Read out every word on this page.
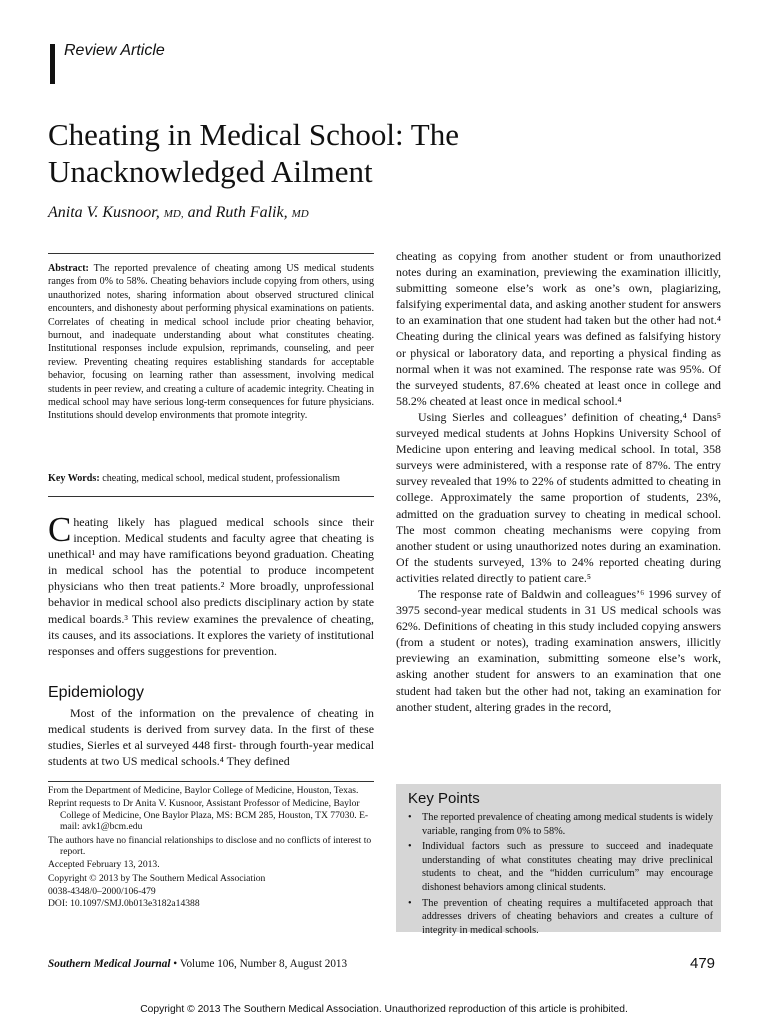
Review Article
Cheating in Medical School: The Unacknowledged Ailment
Anita V. Kusnoor, MD, and Ruth Falik, MD
Abstract: The reported prevalence of cheating among US medical students ranges from 0% to 58%. Cheating behaviors include copying from others, using unauthorized notes, sharing information about observed structured clinical encounters, and dishonesty about performing physical examinations on patients. Correlates of cheating in medical school include prior cheating behavior, burnout, and inadequate understanding about what constitutes cheating. Institutional responses include expulsion, reprimands, counseling, and peer review. Preventing cheating requires establishing standards for acceptable behavior, focusing on learning rather than assessment, involving medical students in peer review, and creating a culture of academic integrity. Cheating in medical school may have serious long-term consequences for future physicians. Institutions should develop environments that promote integrity.
Key Words: cheating, medical school, medical student, professionalism
Cheating likely has plagued medical schools since their inception. Medical students and faculty agree that cheating is unethical¹ and may have ramifications beyond graduation. Cheating in medical school has the potential to produce incompetent physicians who then treat patients.² More broadly, unprofessional behavior in medical school also predicts disciplinary action by state medical boards.³ This review examines the prevalence of cheating, its causes, and its associations. It explores the variety of institutional responses and offers suggestions for prevention.
Epidemiology
Most of the information on the prevalence of cheating in medical students is derived from survey data. In the first of these studies, Sierles et al surveyed 448 first- through fourth-year medical students at two US medical schools.⁴ They defined

cheating as copying from another student or from unauthorized notes during an examination, previewing the examination illicitly, submitting someone else’s work as one’s own, plagiarizing, falsifying experimental data, and asking another student for answers to an examination that one student had taken but the other had not.⁴ Cheating during the clinical years was defined as falsifying history or physical or laboratory data, and reporting a physical finding as normal when it was not examined. The response rate was 95%. Of the surveyed students, 87.6% cheated at least once in college and 58.2% cheated at least once in medical school.⁴

Using Sierles and colleagues’ definition of cheating,⁴ Dans⁵ surveyed medical students at Johns Hopkins University School of Medicine upon entering and leaving medical school. In total, 358 surveys were administered, with a response rate of 87%. The entry survey revealed that 19% to 22% of students admitted to cheating in college. Approximately the same proportion of students, 23%, admitted on the graduation survey to cheating in medical school. The most common cheating mechanisms were copying from another student or using unauthorized notes during an examination. Of the students surveyed, 13% to 24% reported cheating during activities related directly to patient care.⁵

The response rate of Baldwin and colleagues’⁶ 1996 survey of 3975 second-year medical students in 31 US medical schools was 62%. Definitions of cheating in this study included copying answers (from a student or notes), trading examination answers, illicitly previewing an examination, submitting someone else’s work, asking another student for answers to an examination that one student had taken but the other had not, taking an examination for another student, altering grades in the record,

From the Department of Medicine, Baylor College of Medicine, Houston, Texas.
Reprint requests to Dr Anita V. Kusnoor, Assistant Professor of Medicine, Baylor College of Medicine, One Baylor Plaza, MS: BCM 285, Houston, TX 77030. E-mail: avk1@bcm.edu
The authors have no financial relationships to disclose and no conflicts of interest to report.
Accepted February 13, 2013.
Copyright © 2013 by The Southern Medical Association
0038-4348/0–2000/106-479
DOI: 10.1097/SMJ.0b013e3182a14388
Key Points
• The reported prevalence of cheating among medical students is widely variable, ranging from 0% to 58%.
• Individual factors such as pressure to succeed and inadequate understanding of what constitutes cheating may drive preclinical students to cheat, and the “hidden curriculum” may encourage dishonest behaviors among clinical students.
• The prevention of cheating requires a multifaceted approach that addresses drivers of cheating behaviors and creates a culture of integrity in medical schools.
Southern Medical Journal • Volume 106, Number 8, August 2013	479
Copyright © 2013 The Southern Medical Association. Unauthorized reproduction of this article is prohibited.
